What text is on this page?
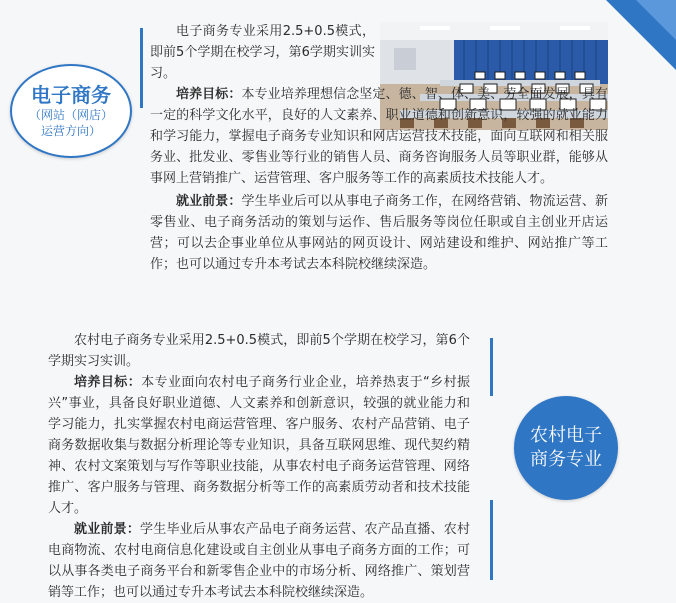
电子商务
（网站（网店）
运营方向）

电子商务专业采用2.5+0.5模式，即前5个学期在校学习，第6学期实训实习。

培养目标：本专业培养理想信念坚定、德、智、体、美、劳全面发展，具有一定的科学文化水平，良好的人文素养、职业道德和创新意识，较强的就业能力和学习能力，掌握电子商务专业知识和网店运营技术技能，面向互联网和相关服务业、批发业、零售业等行业的销售人员、商务咨询服务人员等职业群，能够从事网上营销推广、运营管理、客户服务等工作的高素质技术技能人才。

就业前景：学生毕业后可以从事电子商务工作，在网络营销、物流运营、新零售业、电子商务活动的策划与运作、售后服务等岗位任职或自主创业开店运营；可以去企事业单位从事网站的网页设计、网站建设和维护、网站推广等工作；也可以通过专升本考试去本科院校继续深造。

农村电子
商务专业

农村电子商务专业采用2.5+0.5模式，即前5个学期在校学习，第6个学期实习实训。

培养目标：本专业面向农村电子商务行业企业，培养热衷于“乡村振兴”事业，具备良好职业道德、人文素养和创新意识，较强的就业能力和学习能力，扎实掌握农村电商运营管理、客户服务、农村产品营销、电子商务数据收集与数据分析理论等专业知识，具备互联网思维、现代契约精神、农村文案策划与写作等职业技能，从事农村电子商务运营管理、网络推广、客户服务与管理、商务数据分析等工作的高素质劳动者和技术技能人才。

就业前景：学生毕业后从事农产品电子商务运营、农产品直播、农村电商物流、农村电商信息化建设或自主创业从事电子商务方面的工作；可以从事各类电子商务平台和新零售企业中的市场分析、网络推广、策划营销等工作；也可以通过专升本考试去本科院校继续深造。
